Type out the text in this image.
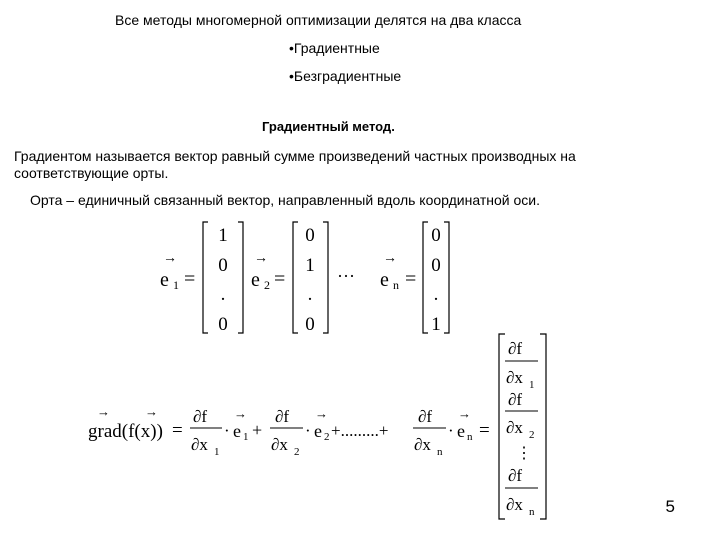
Все методы многомерной оптимизации делятся на два класса
•Градиентные
•Безградиентные
Градиентный метод.
Градиентом называется вектор равный сумме произведений частных производных на соответствующие орты.
Орта – единичный связанный вектор, направленный вдоль координатной оси.
5
→
e 1 =
1
0
.
0
→
e 2 =
0
1
.
0
···
→
e n =
0
0
.
1
→	→
grad(f(x)) =
∂f
∂x 1
·
→
e 1 +
∂f
∂x 2
·
→
e 2 +.........+
∂f
∂x n
·
→
e n =
∂f
∂x 1
∂f
∂x 2
⋮
∂f
∂x n
